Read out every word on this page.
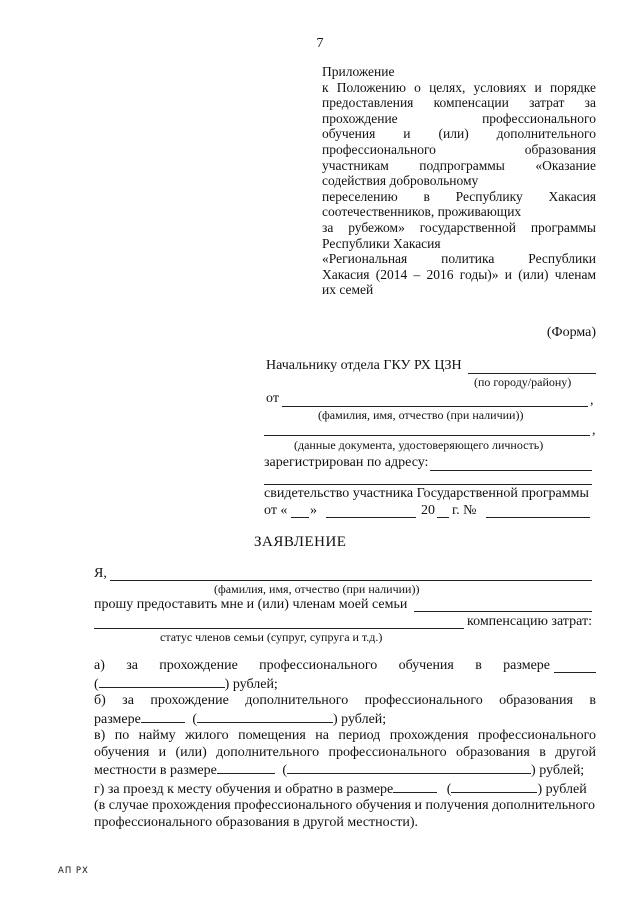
7
Приложение
к Положению о целях, условиях и порядке
предоставления компенсации затрат за
прохождение профессионального
обучения и (или) дополнительного
профессионального образования
участникам подпрограммы «Оказание
содействия добровольному
переселению в Республику Хакасия
соотечественников, проживающих
за рубежом» государственной программы
Республики Хакасия
«Региональная политика Республики
Хакасия (2014 – 2016 годы)» и (или) членам
их семей
(Форма)
Начальнику отдела ГКУ РХ ЦЗН
(по городу/району)
от	,
(фамилия, имя, отчество (при наличии))
,
(данные документа, удостоверяющего личность)
зарегистрирован по адресу:
свидетельство участника Государственной программы
от « »	20 г. №
ЗАЯВЛЕНИЕ
Я,
(фамилия, имя, отчество (при наличии))
прошу предоставить мне и (или) членам моей семьи
компенсацию затрат:
статус членов семьи (супруг, супруга и т.д.)
а) за прохождение профессионального обучения в размере
(	) рублей;
б) за прохождение дополнительного профессионального образования в
размере	(	) рублей;
в) по найму жилого помещения на период прохождения профессионального
обучения и (или) дополнительного профессионального образования в другой
местности в размере	(	) рублей;
г) за проезд к месту обучения и обратно в размере	(	) рублей
(в случае прохождения профессионального обучения и получения дополнительного
профессионального образования в другой местности).
АП РХ
